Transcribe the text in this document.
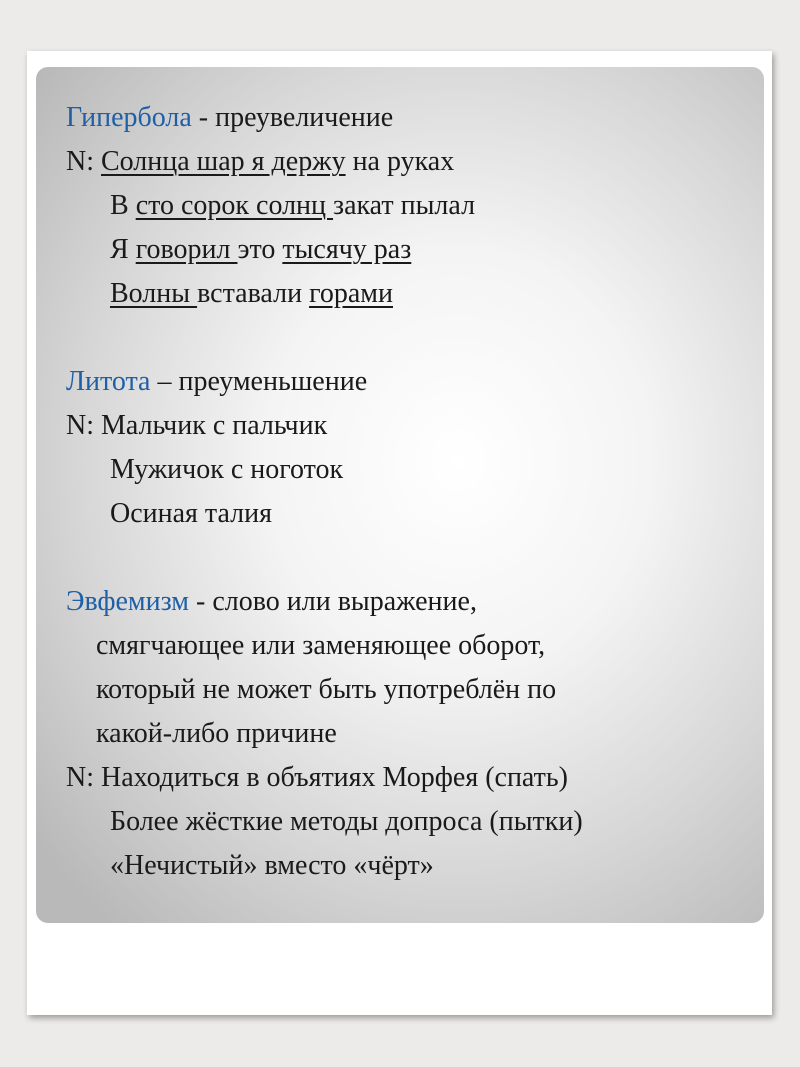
Гипербола - преувеличение
N: Солнца шар я держу на руках
В сто сорок солнц закат пылал
Я говорил это тысячу раз
Волны вставали горами
Литота – преуменьшение
N: Мальчик с пальчик
Мужичок с ноготок
Осиная талия
Эвфемизм - слово или выражение,
смягчающее или заменяющее оборот,
который не может быть употреблён по
какой-либо причине
N: Находиться в объятиях Морфея (спать)
Более жёсткие методы допроса (пытки)
«Нечистый» вместо «чёрт»
